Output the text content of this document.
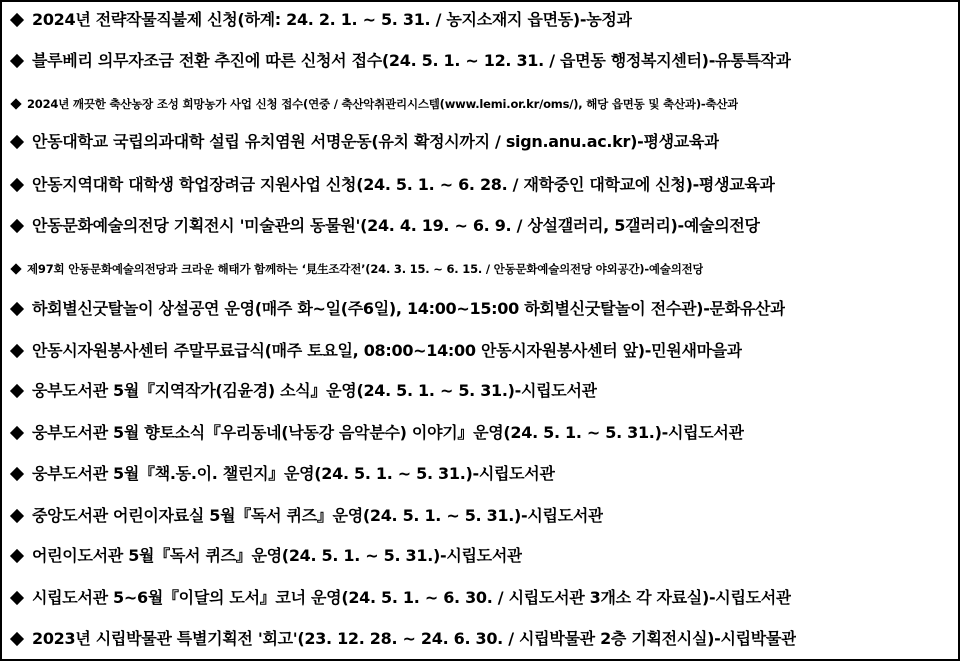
2024년 전략작물직불제 신청(하계: 24. 2. 1. ~ 5. 31. / 농지소재지 읍면동)-농정과
블루베리 의무자조금 전환 추진에 따른 신청서 접수(24. 5. 1. ~ 12. 31. / 읍면동 행정복지센터)-유통특작과
2024년 깨끗한 축산농장 조성 희망농가 사업 신청 접수(연중 / 축산악취관리시스템(www.lemi.or.kr/oms/), 해당 읍면동 및 축산과)-축산과
안동대학교 국립의과대학 설립 유치염원 서명운동(유치 확정시까지 / sign.anu.ac.kr)-평생교육과
안동지역대학 대학생 학업장려금 지원사업 신청(24. 5. 1. ~ 6. 28. / 재학중인 대학교에 신청)-평생교육과
안동문화예술의전당 기획전시 '미술관의 동물원'(24. 4. 19. ~ 6. 9. / 상설갤러리, 5갤러리)-예술의전당
제97회 안동문화예술의전당과 크라운 해태가 함께하는 ‘見生조각전’(24. 3. 15. ~ 6. 15. / 안동문화예술의전당 야외공간)-예술의전당
하회별신굿탈놀이 상설공연 운영(매주 화~일(주6일), 14:00~15:00 하회별신굿탈놀이 전수관)-문화유산과
안동시자원봉사센터 주말무료급식(매주 토요일, 08:00~14:00 안동시자원봉사센터 앞)-민원새마을과
웅부도서관 5월『지역작가(김윤경) 소식』운영(24. 5. 1. ~ 5. 31.)-시립도서관
웅부도서관 5월 향토소식『우리동네(낙동강 음악분수) 이야기』운영(24. 5. 1. ~ 5. 31.)-시립도서관
웅부도서관 5월『책.동.이. 챌린지』운영(24. 5. 1. ~ 5. 31.)-시립도서관
중앙도서관 어린이자료실 5월『독서 퀴즈』운영(24. 5. 1. ~ 5. 31.)-시립도서관
어린이도서관 5월『독서 퀴즈』운영(24. 5. 1. ~ 5. 31.)-시립도서관
시립도서관 5~6월『이달의 도서』코너 운영(24. 5. 1. ~ 6. 30. / 시립도서관 3개소 각 자료실)-시립도서관
2023년 시립박물관 특별기획전 '회고'(23. 12. 28. ~ 24. 6. 30. / 시립박물관 2층 기획전시실)-시립박물관
